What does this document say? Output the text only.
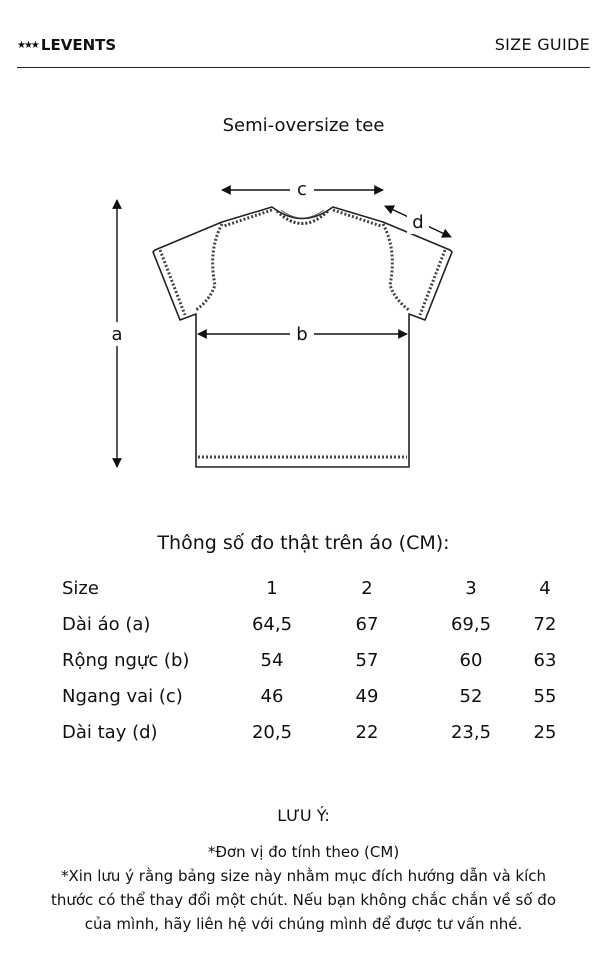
★★★ LEVENTS	SIZE GUIDE
Semi-oversize tee
a	b
c
d
Thông số đo thật trên áo (CM):
Size	1	2	3	4
Dài áo (a)	64,5	67	69,5	72
Rộng ngực (b)	54	57	60	63
Ngang vai (c)	46	49	52	55
Dài tay (d)	20,5	22	23,5	25
LƯU Ý:
*Đơn vị đo tính theo (CM)
*Xin lưu ý rằng bảng size này nhằm mục đích hướng dẫn và kích
thước có thể thay đổi một chút. Nếu bạn không chắc chắn về số đo
của mình, hãy liên hệ với chúng mình để được tư vấn nhé.
